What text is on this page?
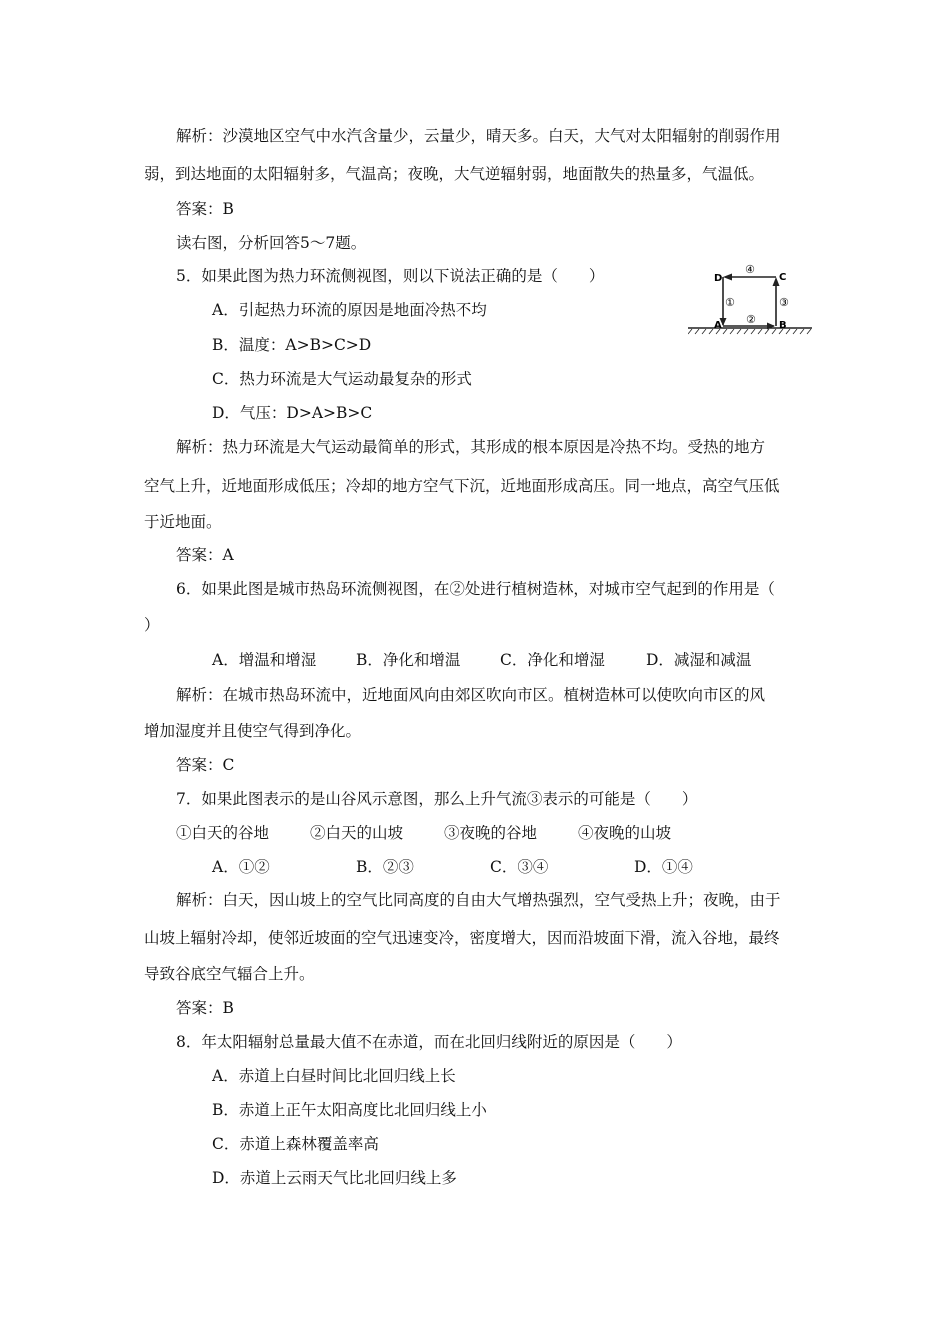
解析：沙漠地区空气中水汽含量少，云量少，晴天多。白天，大气对太阳辐射的削弱作用
弱，到达地面的太阳辐射多，气温高；夜晚，大气逆辐射弱，地面散失的热量多，气温低。
答案：B
读右图，分析回答5～7题。
5．如果此图为热力环流侧视图，则以下说法正确的是（　　）
A．引起热力环流的原因是地面冷热不均
B．温度：A>B>C>D
C．热力环流是大气运动最复杂的形式
D．气压：D>A>B>C
D	C
A	B
④
①	③
②
解析：热力环流是大气运动最简单的形式，其形成的根本原因是冷热不均。受热的地方
空气上升，近地面形成低压；冷却的地方空气下沉，近地面形成高压。同一地点，高空气压低
于近地面。
答案：A
6．如果此图是城市热岛环流侧视图，在②处进行植树造林，对城市空气起到的作用是（
）
A．增温和增湿	B．净化和增温	C．净化和增湿	D．减湿和减温
解析：在城市热岛环流中，近地面风向由郊区吹向市区。植树造林可以使吹向市区的风
增加湿度并且使空气得到净化。
答案：C
7．如果此图表示的是山谷风示意图，那么上升气流③表示的可能是（　　）
①白天的谷地	②白天的山坡	③夜晚的谷地	④夜晚的山坡
A．①②	B．②③	C．③④	D．①④
解析：白天，因山坡上的空气比同高度的自由大气增热强烈，空气受热上升；夜晚，由于
山坡上辐射冷却，使邻近坡面的空气迅速变冷，密度增大，因而沿坡面下滑，流入谷地，最终
导致谷底空气辐合上升。
答案：B
8．年太阳辐射总量最大值不在赤道，而在北回归线附近的原因是（　　）
A．赤道上白昼时间比北回归线上长
B．赤道上正午太阳高度比北回归线上小
C．赤道上森林覆盖率高
D．赤道上云雨天气比北回归线上多
